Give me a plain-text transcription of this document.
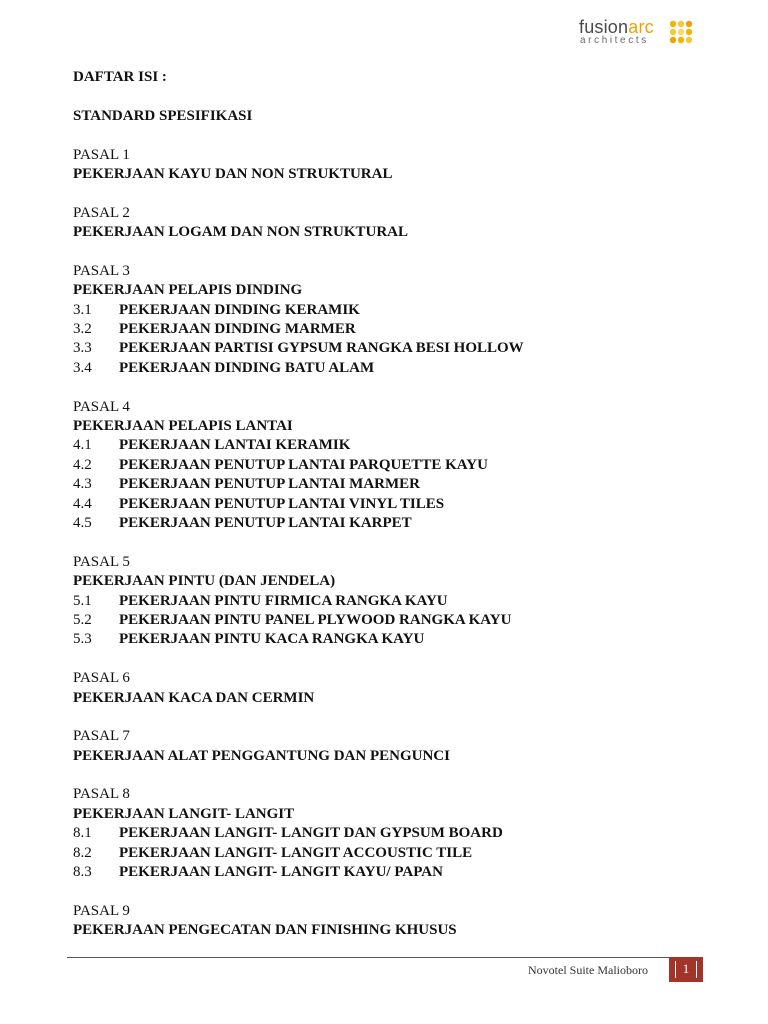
fusionarc
architects
DAFTAR ISI :
STANDARD SPESIFIKASI
PASAL 1
PEKERJAAN KAYU DAN NON STRUKTURAL
PASAL 2
PEKERJAAN LOGAM DAN NON STRUKTURAL
PASAL 3
PEKERJAAN PELAPIS DINDING
3.1 PEKERJAAN DINDING KERAMIK
3.2 PEKERJAAN DINDING MARMER
3.3 PEKERJAAN PARTISI GYPSUM RANGKA BESI HOLLOW
3.4 PEKERJAAN DINDING BATU ALAM
PASAL 4
PEKERJAAN PELAPIS LANTAI
4.1 PEKERJAAN LANTAI KERAMIK
4.2 PEKERJAAN PENUTUP LANTAI PARQUETTE KAYU
4.3 PEKERJAAN PENUTUP LANTAI MARMER
4.4 PEKERJAAN PENUTUP LANTAI VINYL TILES
4.5 PEKERJAAN PENUTUP LANTAI KARPET
PASAL 5
PEKERJAAN PINTU (DAN JENDELA)
5.1 PEKERJAAN PINTU FIRMICA RANGKA KAYU
5.2 PEKERJAAN PINTU PANEL PLYWOOD RANGKA KAYU
5.3 PEKERJAAN PINTU KACA RANGKA KAYU
PASAL 6
PEKERJAAN KACA DAN CERMIN
PASAL 7
PEKERJAAN ALAT PENGGANTUNG DAN PENGUNCI
PASAL 8
PEKERJAAN LANGIT- LANGIT
8.1 PEKERJAAN LANGIT- LANGIT DAN GYPSUM BOARD
8.2 PEKERJAAN LANGIT- LANGIT ACCOUSTIC TILE
8.3 PEKERJAAN LANGIT- LANGIT KAYU/ PAPAN
PASAL 9
PEKERJAAN PENGECATAN DAN FINISHING KHUSUS
Novotel Suite Malioboro	1
